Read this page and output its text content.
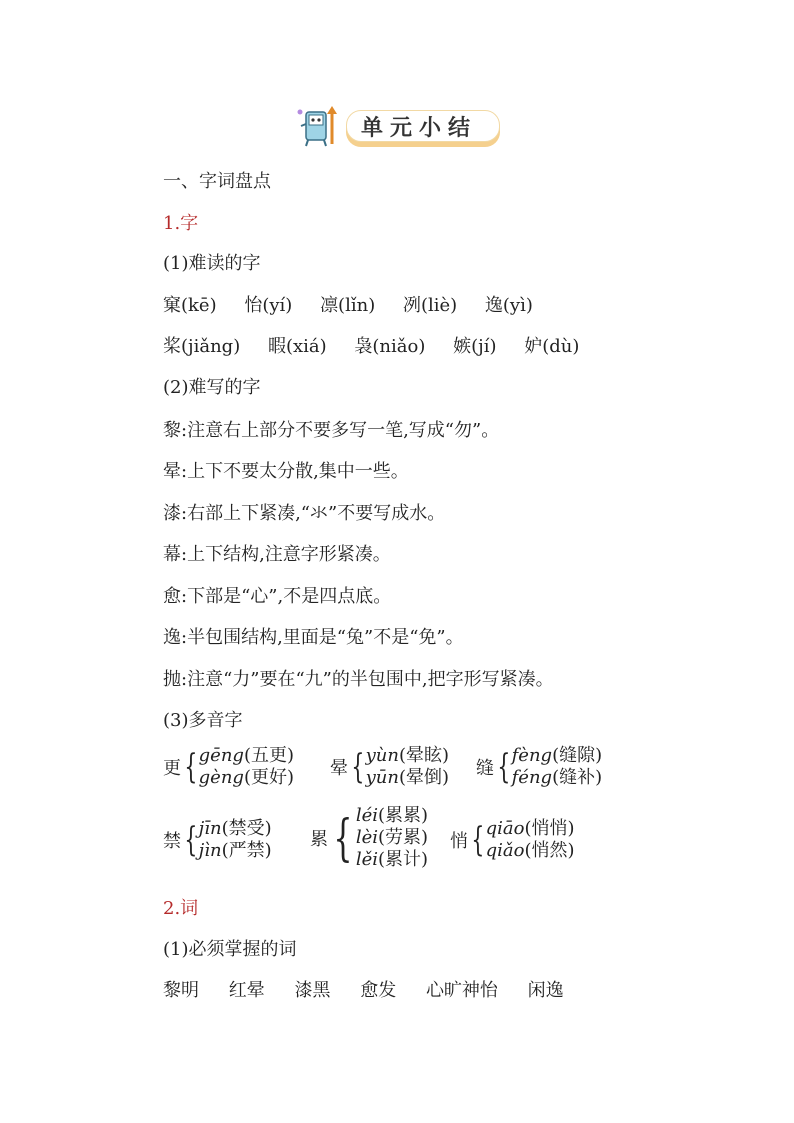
单元小结
一、字词盘点
1.字
(1)难读的字
窠(kē) 怡(yí) 凛(lǐn) 冽(liè) 逸(yì)
桨(jiǎng) 暇(xiá) 袅(niǎo) 嫉(jí) 妒(dù)
(2)难写的字
黎:注意右上部分不要多写一笔,写成“勿”。
晕:上下不要太分散,集中一些。
漆:右部上下紧凑,“氺”不要写成水。
幕:上下结构,注意字形紧凑。
愈:下部是“心”,不是四点底。
逸:半包围结构,里面是“兔”不是“免”。
抛:注意“力”要在“九”的半包围中,把字形写紧凑。
(3)多音字
更 { gēng(五更)
gèng(更好) 晕 { yùn(晕眩)
yūn(晕倒) 缝 { fèng(缝隙)
féng(缝补)
禁 { jīn(禁受)
jìn(严禁)
累 { léi(累累)
lèi(劳累)
lěi(累计)
悄 { qiāo(悄悄)
qiǎo(悄然)
2.词
(1)必须掌握的词
黎明 红晕 漆黑 愈发 心旷神怡 闲逸
